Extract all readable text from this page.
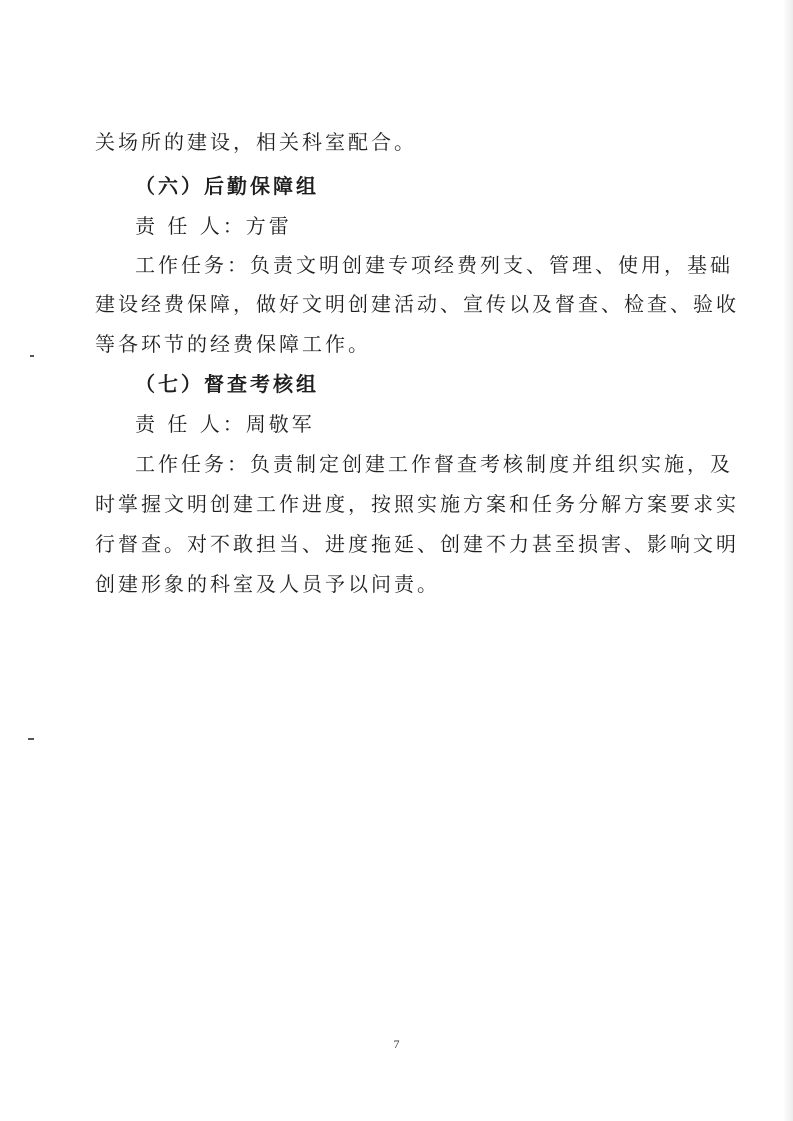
关场所的建设，相关科室配合。
（六）后勤保障组
责 任 人：方雷
工作任务：负责文明创建专项经费列支、管理、使用，基础
建设经费保障，做好文明创建活动、宣传以及督查、检查、验收
等各环节的经费保障工作。
（七）督查考核组
责 任 人：周敬军
工作任务：负责制定创建工作督查考核制度并组织实施，及
时掌握文明创建工作进度，按照实施方案和任务分解方案要求实
行督查。对不敢担当、进度拖延、创建不力甚至损害、影响文明
创建形象的科室及人员予以问责。
7
